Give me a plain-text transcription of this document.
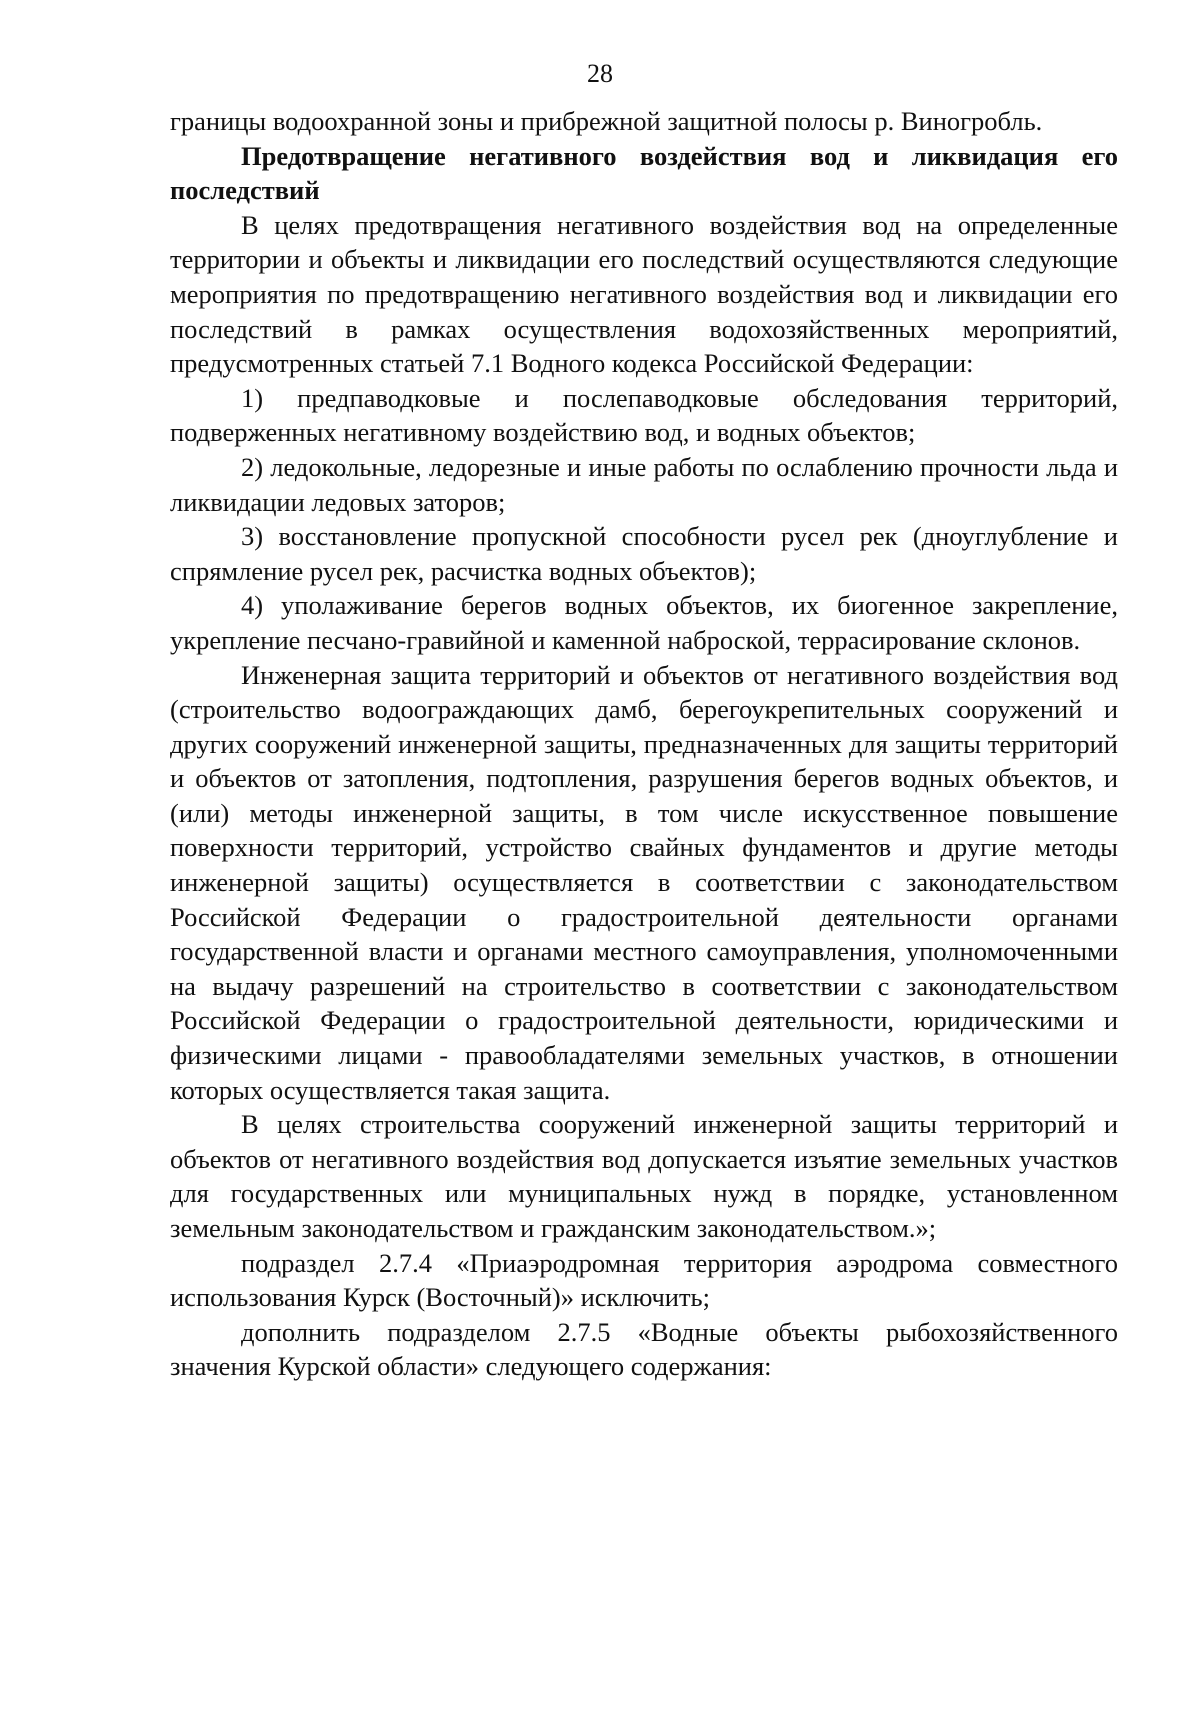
28

границы водоохранной зоны и прибрежной защитной полосы р. Виногробль.

Предотвращение негативного воздействия вод и ликвидация его последствий

В целях предотвращения негативного воздействия вод на определенные территории и объекты и ликвидации его последствий осуществляются следующие мероприятия по предотвращению негативного воздействия вод и ликвидации его последствий в рамках осуществления водохозяйственных мероприятий, предусмотренных статьей 7.1 Водного кодекса Российской Федерации:

1) предпаводковые и послепаводковые обследования территорий, подверженных негативному воздействию вод, и водных объектов;

2) ледокольные, ледорезные и иные работы по ослаблению прочности льда и ликвидации ледовых заторов;

3) восстановление пропускной способности русел рек (дноуглубление и спрямление русел рек, расчистка водных объектов);

4) уполаживание берегов водных объектов, их биогенное закрепление, укрепление песчано-гравийной и каменной наброской, террасирование склонов.

Инженерная защита территорий и объектов от негативного воздействия вод (строительство водоограждающих дамб, берегоукрепительных сооружений и других сооружений инженерной защиты, предназначенных для защиты территорий и объектов от затопления, подтопления, разрушения берегов водных объектов, и (или) методы инженерной защиты, в том числе искусственное повышение поверхности территорий, устройство свайных фундаментов и другие методы инженерной защиты) осуществляется в соответствии с законодательством Российской Федерации о градостроительной деятельности органами государственной власти и органами местного самоуправления, уполномоченными на выдачу разрешений на строительство в соответствии с законодательством Российской Федерации о градостроительной деятельности, юридическими и физическими лицами - правообладателями земельных участков, в отношении которых осуществляется такая защита.

В целях строительства сооружений инженерной защиты территорий и объектов от негативного воздействия вод допускается изъятие земельных участков для государственных или муниципальных нужд в порядке, установленном земельным законодательством и гражданским законодательством.»;

подраздел 2.7.4 «Приаэродромная территория аэродрома совместного использования Курск (Восточный)» исключить;

дополнить подразделом 2.7.5 «Водные объекты рыбохозяйственного значения Курской области» следующего содержания:
